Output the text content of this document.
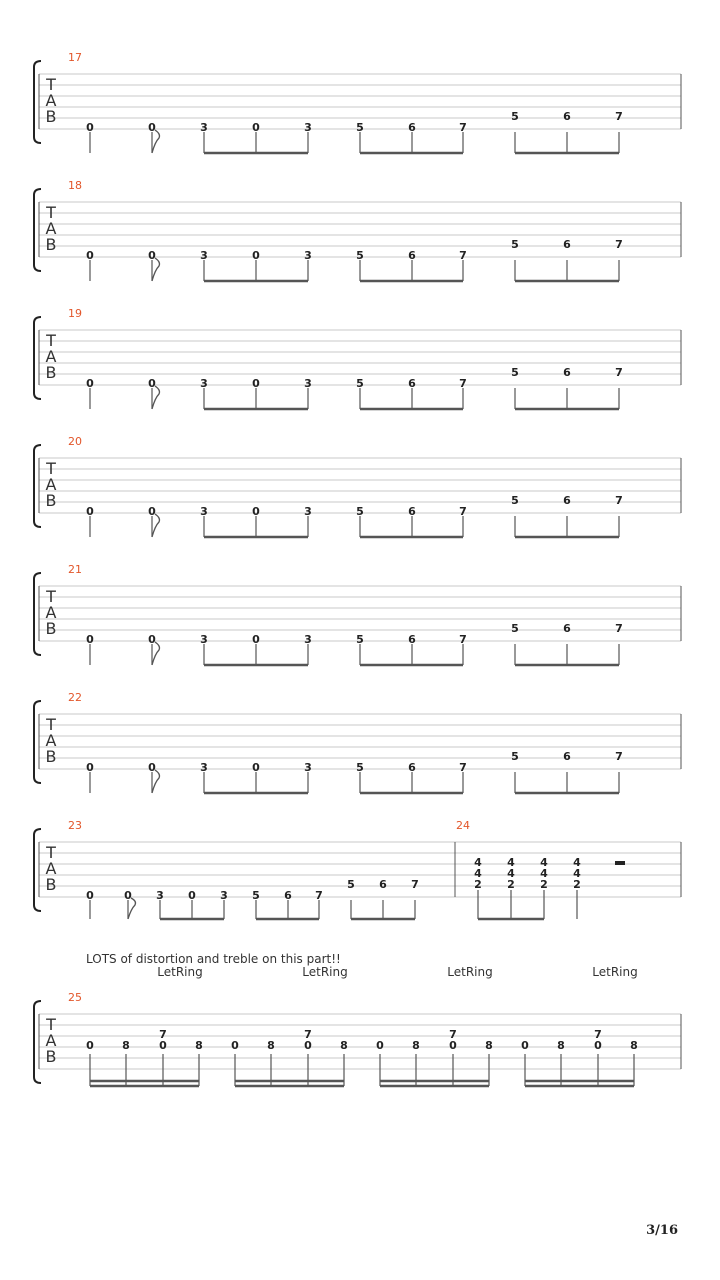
T
A
B
17
0	0	3	0	3	5	6	7
5	6	7
T
A
B
18
0	0	3	0	3	5	6	7
5	6	7
T
A
B
19
0	0	3	0	3	5	6	7
5	6	7
T
A
B
20
0	0	3	0	3	5	6	7
5	6	7
T
A
B
21
0	0	3	0	3	5	6	7
5	6	7
T
A
B
22
0	0	3	0	3	5	6	7
5	6	7
T
A
B
23	24
0	0 3 0 3 5 6 7
5 6 7
4
4
2
4
4
2
4
4
2
4
4
2
LOTS of distortion and treble on this part!!
LetRing	LetRing	LetRing	LetRing
T
A
B
25
0	8	0	8
7
0	8	0	8
7
0	8	0	8
7
0	8	0	8
7
3/16
